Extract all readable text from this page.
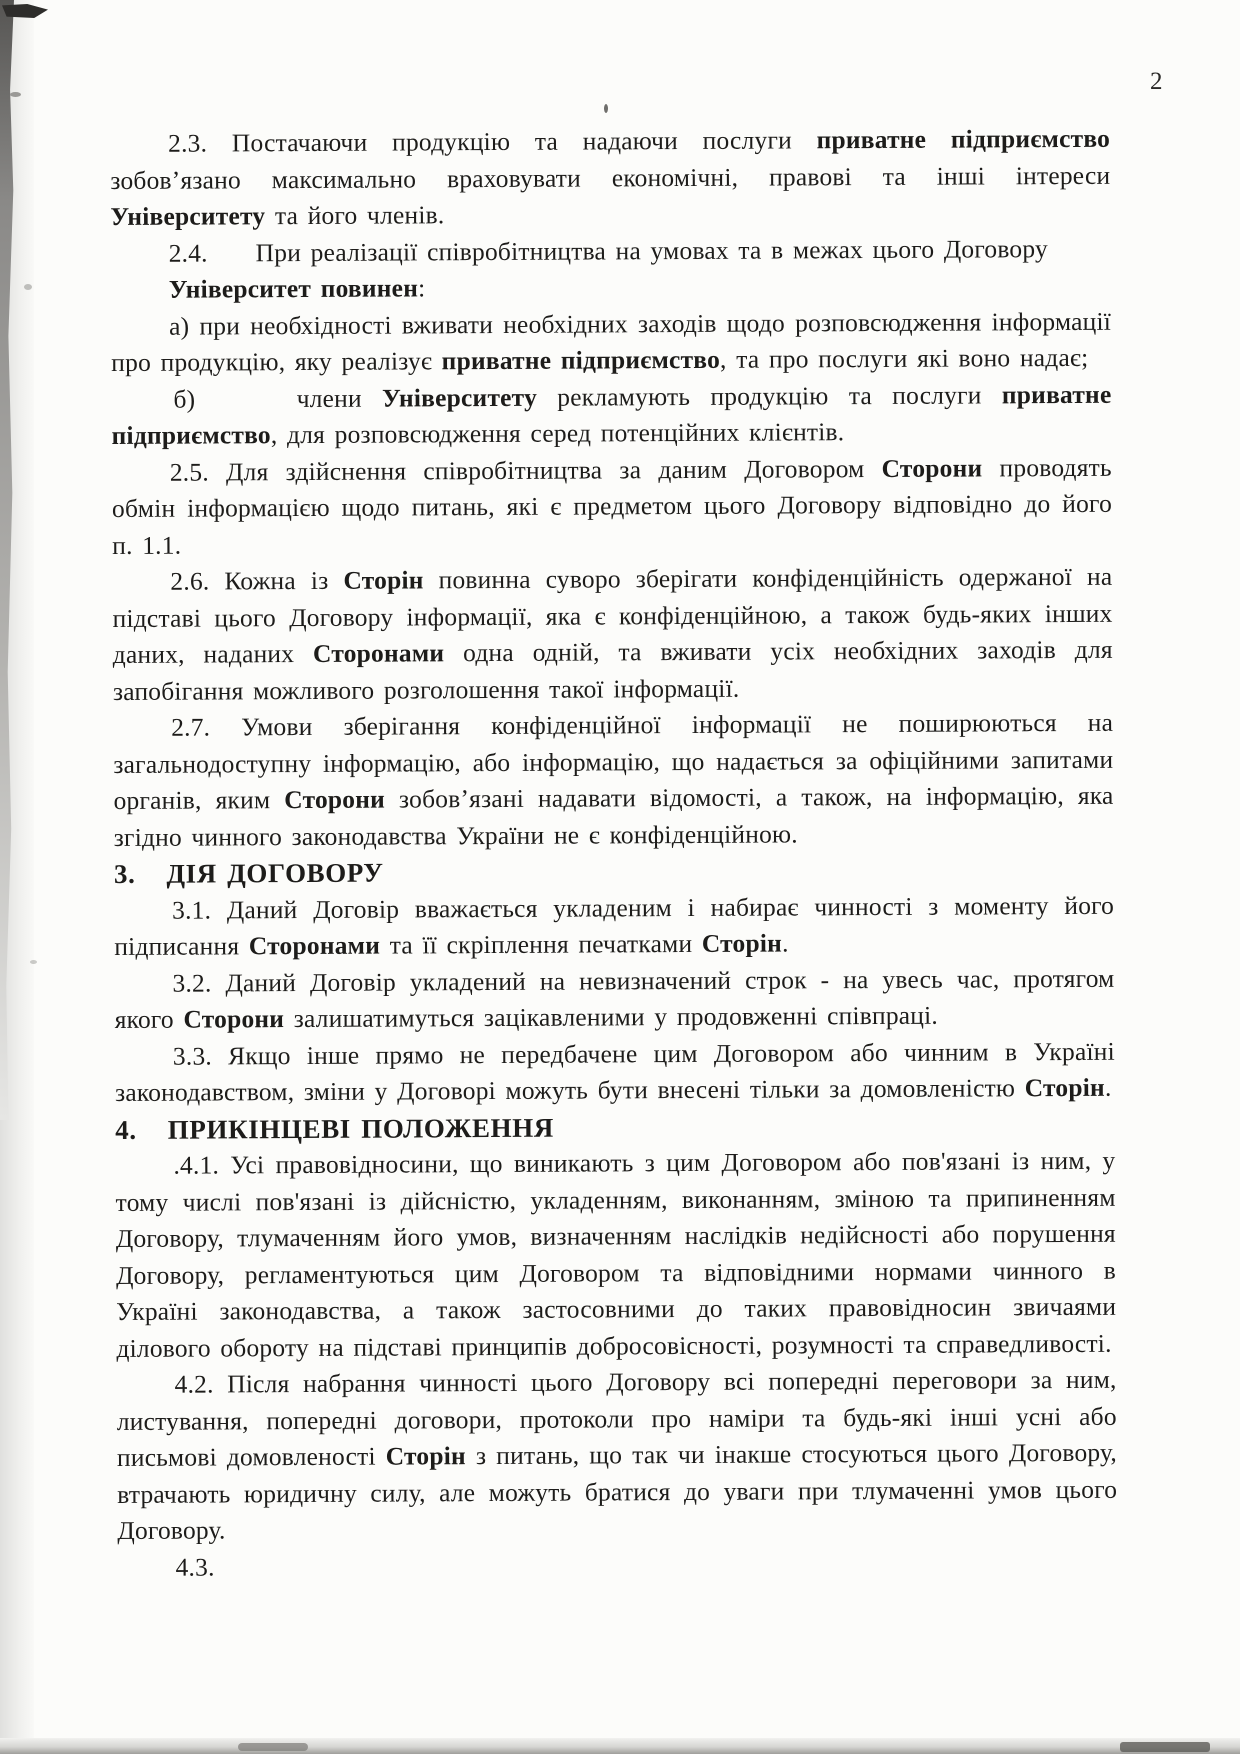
2

2.3. Постачаючи продукцію та надаючи послуги приватне підприємство зобов’язано максимально враховувати економічні, правові та інші інтереси Університету та його членів.

2.4.     При реалізації співробітництва на умовах та в межах цього Договору

Університет повинен:

а) при необхідності вживати необхідних заходів щодо розповсюдження інформації про продукцію, яку реалізує приватне підприємство, та про послуги які воно надає;

б)     члени Університету рекламують продукцію та послуги приватне підприємство, для розповсюдження серед потенційних клієнтів.

2.5. Для здійснення співробітництва за даним Договором Сторони проводять обмін інформацією щодо питань, які є предметом цього Договору відповідно до його п. 1.1.

2.6. Кожна із Сторін повинна суворо зберігати конфіденційність одержаної на підставі цього Договору інформації, яка є конфіденційною, а також будь-яких інших даних, наданих Сторонами одна одній, та вживати усіх необхідних заходів для запобігання можливого розголошення такої інформації.

2.7. Умови зберігання конфіденційної інформації не поширюються на загальнодоступну інформацію, або інформацію, що надається за офіційними запитами органів, яким Сторони зобов’язані надавати відомості, а також, на інформацію, яка згідно чинного законодавства України не є конфіденційною.

3.   ДІЯ ДОГОВОРУ

3.1. Даний Договір вважається укладеним і набирає чинності з моменту його підписання Сторонами та її скріплення печатками Сторін.

3.2. Даний Договір укладений на невизначений строк - на увесь час, протягом якого Сторони залишатимуться зацікавленими у продовженні співпраці.

3.3. Якщо інше прямо не передбачене цим Договором або чинним в Україні законодавством, зміни у Договорі можуть бути внесені тільки за домовленістю Сторін.

4.   ПРИКІНЦЕВІ ПОЛОЖЕННЯ

.4.1. Усі правовідносини, що виникають з цим Договором або пов'язані із ним, у тому числі пов'язані із дійсністю, укладенням, виконанням, зміною та припиненням Договору, тлумаченням його умов, визначенням наслідків недійсності або порушення Договору, регламентуються цим Договором та відповідними нормами чинного в Україні законодавства, а також застосовними до таких правовідносин звичаями ділового обороту на підставі принципів добросовісності, розумності та справедливості.

4.2. Після набрання чинності цього Договору всі попередні переговори за ним, листування, попередні договори, протоколи про наміри та будь-які інші усні або письмові домовленості Сторін з питань, що так чи інакше стосуються цього Договору, втрачають юридичну силу, але можуть братися до уваги при тлумаченні умов цього Договору.

4.3.
